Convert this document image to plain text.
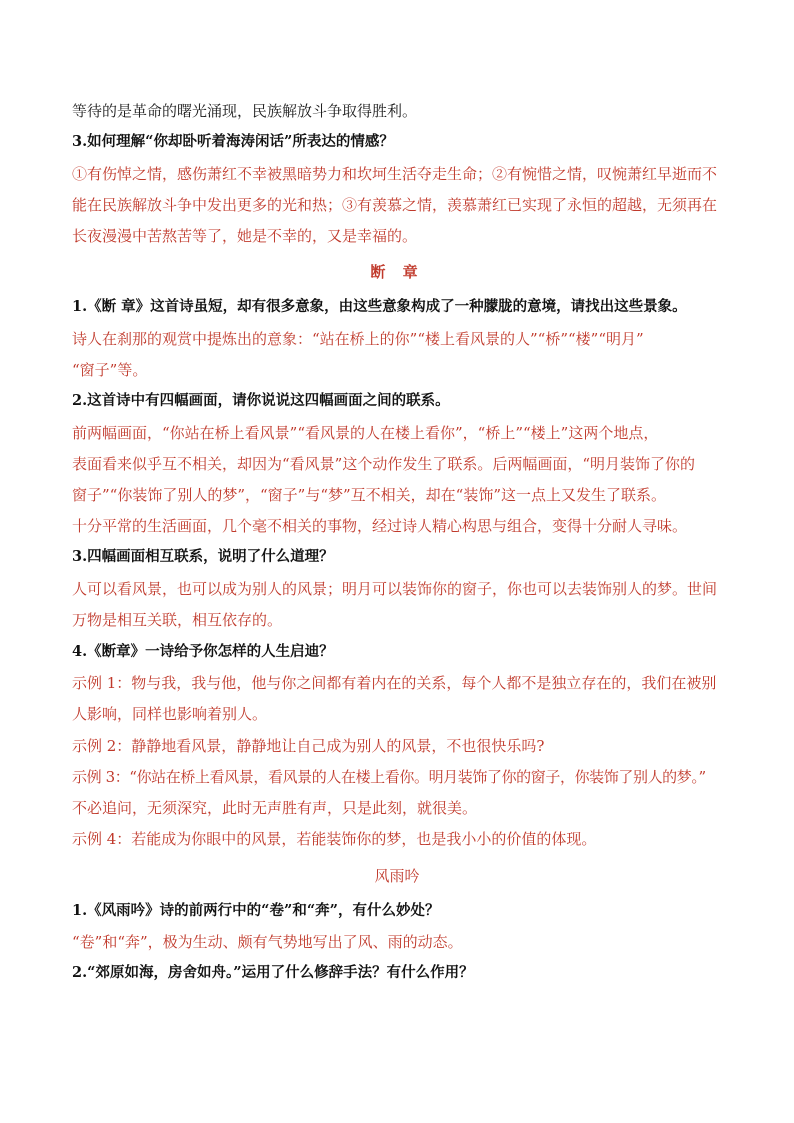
等待的是革命的曙光涌现，民族解放斗争取得胜利。
3.如何理解“你却卧听着海涛闲话”所表达的情感？
①有伤悼之情，感伤萧红不幸被黑暗势力和坎坷生活夺走生命；②有惋惜之情，叹惋萧红早逝而不
能在民族解放斗争中发出更多的光和热；③有羡慕之情，羡慕萧红已实现了永恒的超越，无须再在
长夜漫漫中苦熬苦等了，她是不幸的，又是幸福的。
断 章
1.《断 章》这首诗虽短，却有很多意象，由这些意象构成了一种朦胧的意境，请找出这些景象。
诗人在刹那的观赏中提炼出的意象：“站在桥上的你”“楼上看风景的人”“桥”“楼”“明月”
“窗子”等。
2.这首诗中有四幅画面，请你说说这四幅画面之间的联系。
前两幅画面，“你站在桥上看风景”“看风景的人在楼上看你”，“桥上”“楼上”这两个地点，
表面看来似乎互不相关，却因为“看风景”这个动作发生了联系。后两幅画面，“明月装饰了你的
窗子”“你装饰了别人的梦”，“窗子”与“梦”互不相关，却在“装饰”这一点上又发生了联系。
十分平常的生活画面，几个毫不相关的事物，经过诗人精心构思与组合，变得十分耐人寻味。
3.四幅画面相互联系，说明了什么道理？
人可以看风景，也可以成为别人的风景；明月可以装饰你的窗子，你也可以去装饰别人的梦。世间
万物是相互关联，相互依存的。
4.《断章》一诗给予你怎样的人生启迪？
示例 1：物与我，我与他，他与你之间都有着内在的关系，每个人都不是独立存在的，我们在被别
人影响，同样也影响着别人。
示例 2：静静地看风景，静静地让自己成为别人的风景，不也很快乐吗?
示例 3：“你站在桥上看风景，看风景的人在楼上看你。明月装饰了你的窗子，你装饰了别人的梦。”
不必追问，无须深究，此时无声胜有声，只是此刻，就很美。
示例 4：若能成为你眼中的风景，若能装饰你的梦，也是我小小的价值的体现。
风雨吟
1.《风雨吟》诗的前两行中的“卷”和“奔”，有什么妙处？
“卷”和“奔”，极为生动、颇有气势地写出了风、雨的动态。
2.“郊原如海，房舍如舟。”运用了什么修辞手法？有什么作用？
